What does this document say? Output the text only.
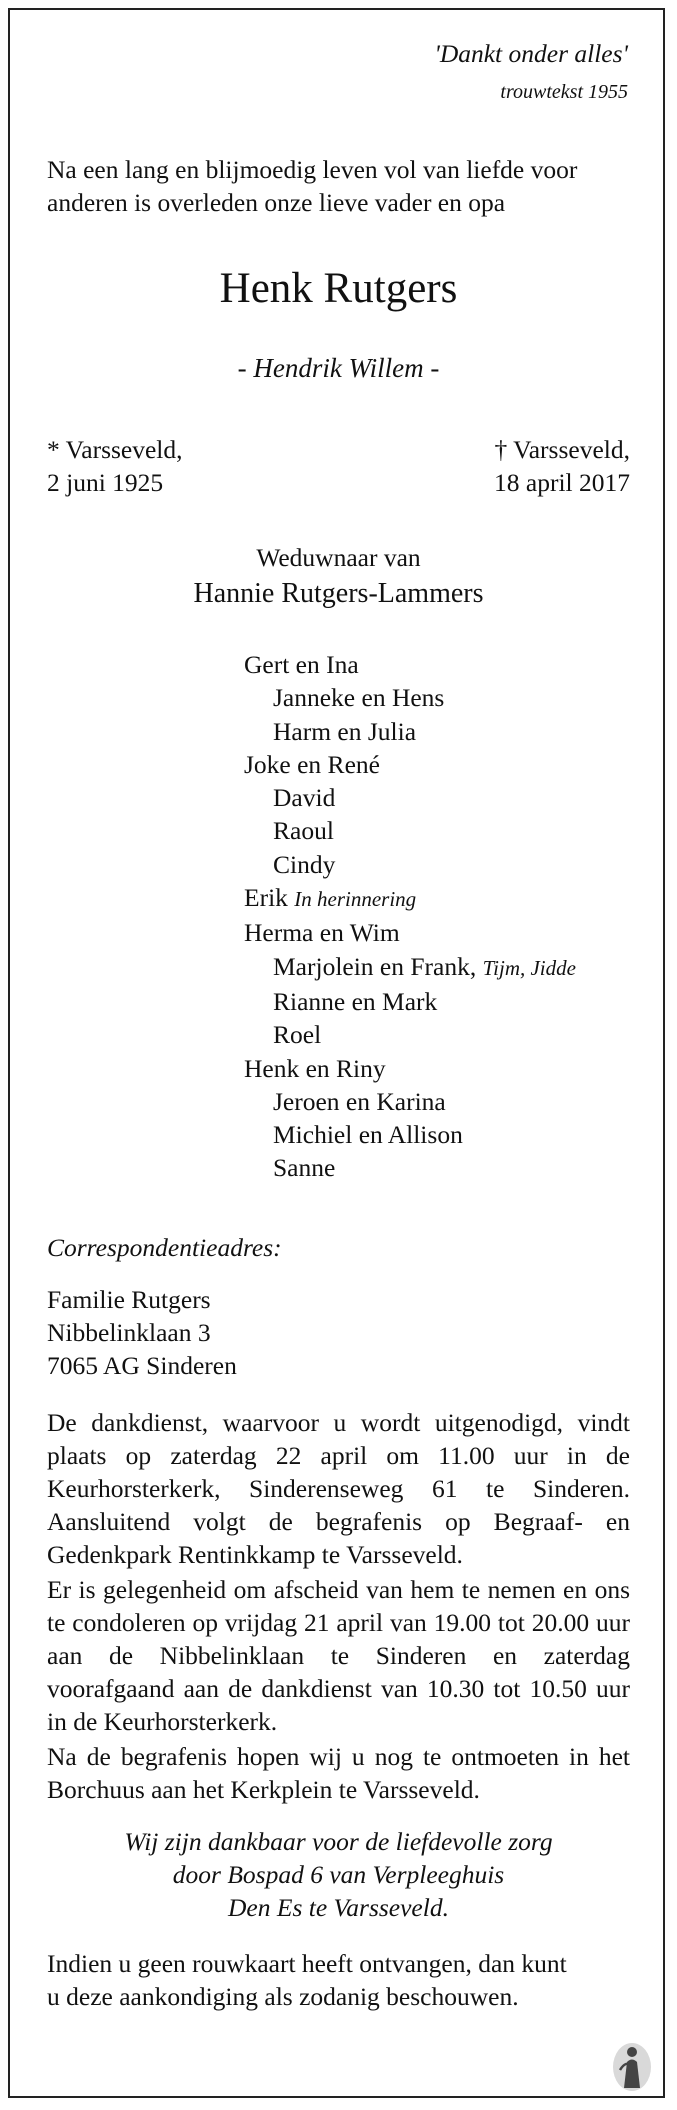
'Dankt onder alles'
trouwtekst 1955
Na een lang en blijmoedig leven vol van liefde voor
anderen is overleden onze lieve vader en opa
Henk Rutgers
- Hendrik Willem -
* Varsseveld,
2 juni 1925
† Varsseveld,
18 april 2017
Weduwnaar van
Hannie Rutgers-Lammers
Gert en Ina
Janneke en Hens
Harm en Julia
Joke en René
David
Raoul
Cindy
Erik In herinnering
Herma en Wim
Marjolein en Frank, Tijm, Jidde
Rianne en Mark
Roel
Henk en Riny
Jeroen en Karina
Michiel en Allison
Sanne
Correspondentieadres:
Familie Rutgers
Nibbelinklaan 3
7065 AG Sinderen
De dankdienst, waarvoor u wordt uitgenodigd, vindt plaats op zaterdag 22 april om 11.00 uur in de Keurhorsterkerk, Sinderenseweg 61 te Sinderen. Aansluitend volgt de begrafenis op Begraaf- en Gedenkpark Rentinkkamp te Varsseveld.
Er is gelegenheid om afscheid van hem te nemen en ons te condoleren op vrijdag 21 april van 19.00 tot 20.00 uur aan de Nibbelinklaan te Sinderen en zaterdag voorafgaand aan de dankdienst van 10.30 tot 10.50 uur in de Keurhorsterkerk.
Na de begrafenis hopen wij u nog te ontmoeten in het Borchuus aan het Kerkplein te Varsseveld.
Wij zijn dankbaar voor de liefdevolle zorg
door Bospad 6 van Verpleeghuis
Den Es te Varsseveld.
Indien u geen rouwkaart heeft ontvangen, dan kunt
u deze aankondiging als zodanig beschouwen.
